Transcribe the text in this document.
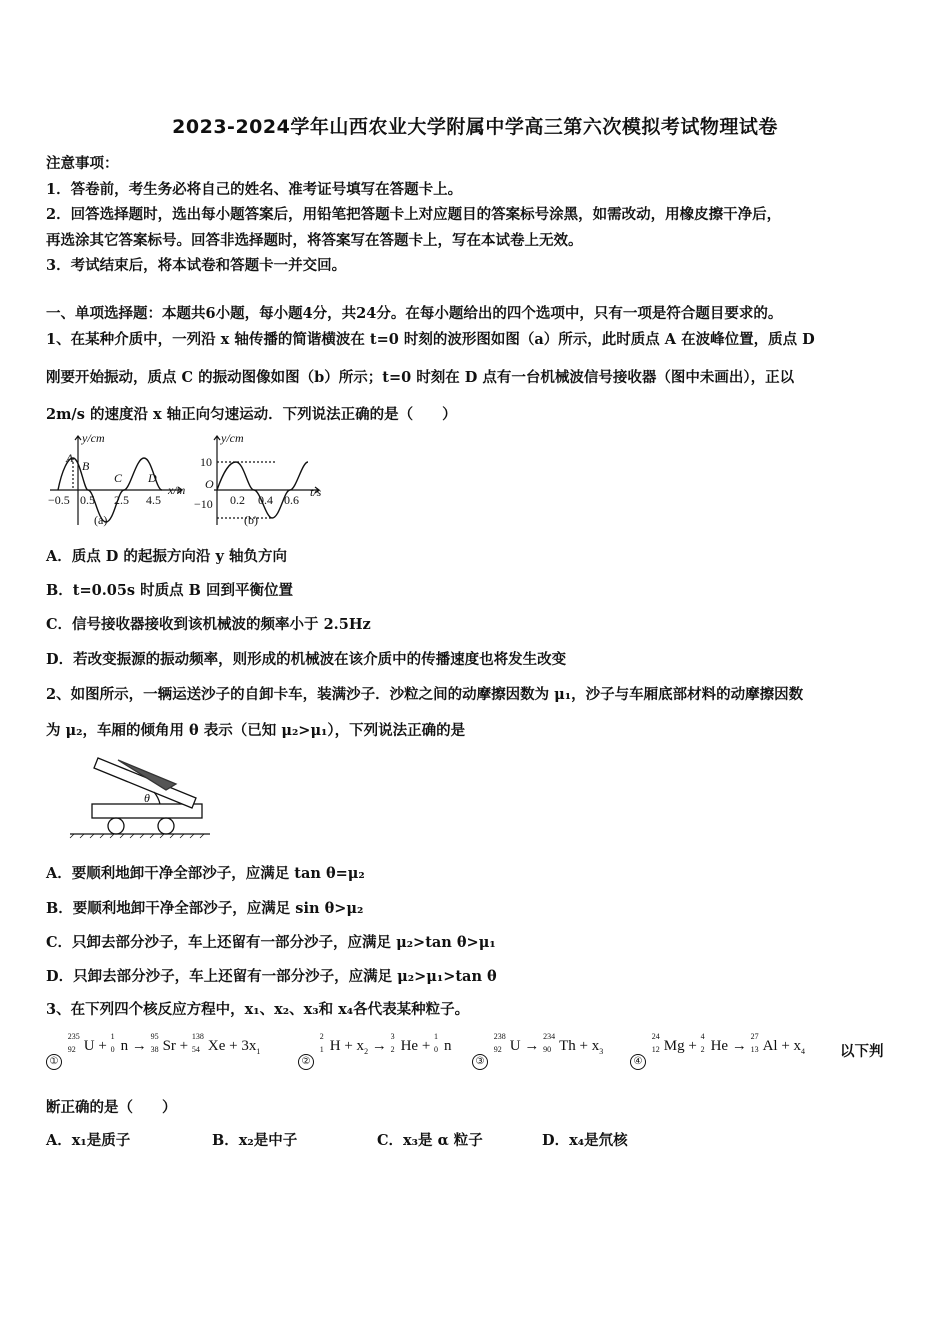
2023-2024学年山西农业大学附属中学高三第六次模拟考试物理试卷
注意事项：
1．答卷前，考生务必将自己的姓名、准考证号填写在答题卡上。
2．回答选择题时，选出每小题答案后，用铅笔把答题卡上对应题目的答案标号涂黑，如需改动，用橡皮擦干净后，
再选涂其它答案标号。回答非选择题时，将答案写在答题卡上，写在本试卷上无效。
3．考试结束后，将本试卷和答题卡一并交回。
一、单项选择题：本题共6小题，每小题4分，共24分。在每小题给出的四个选项中，只有一项是符合题目要求的。
1、在某种介质中，一列沿 x 轴传播的简谐横波在 t=0 时刻的波形图如图（a）所示，此时质点 A 在波峰位置，质点 D
刚要开始振动，质点 C 的振动图像如图（b）所示；t=0 时刻在 D 点有一台机械波信号接收器（图中未画出），正以
2m/s 的速度沿 x 轴正向匀速运动．下列说法正确的是（　　）
y/cm
x/m
A
B
C D
y/cm
t/s
O
−0.5 0.5 2.5 4.5
(a)
10
−10 0.2 0.4 0.6
(b)
A．质点 D 的起振方向沿 y 轴负方向
B．t=0.05s 时质点 B 回到平衡位置
C．信号接收器接收到该机械波的频率小于 2.5Hz
D．若改变振源的振动频率，则形成的机械波在该介质中的传播速度也将发生改变
2、如图所示，一辆运送沙子的自卸卡车，装满沙子．沙粒之间的动摩擦因数为 μ₁，沙子与车厢底部材料的动摩擦因数
为 μ₂，车厢的倾角用 θ 表示（已知 μ₂>μ₁），下列说法正确的是
θ
A．要顺利地卸干净全部沙子，应满足 tan θ=μ₂
B．要顺利地卸干净全部沙子，应满足 sin θ>μ₂
C．只卸去部分沙子，车上还留有一部分沙子，应满足 μ₂>tan θ>μ₁
D．只卸去部分沙子，车上还留有一部分沙子，应满足 μ₂>μ₁>tan θ
3、在下列四个核反应方程中，x₁、x₂、x₃和 x₄各代表某种粒子。
①
235
92 U +
1
0 n →
95
38 Sr +
138
54 $Xe + 3x_1$
②
2
1 $H + x_2$ →
3
2 He +
1
0 n
③
238
92 U →
234
90 $Th + x_3$
④
24
12 Mg +
4
2 He →
27
13 $Al + x_4$ 以下判
断正确的是（　　）
A．x₁是质子	B．x₂是中子	C．x₃是 α 粒子	D．x₄是氘核
